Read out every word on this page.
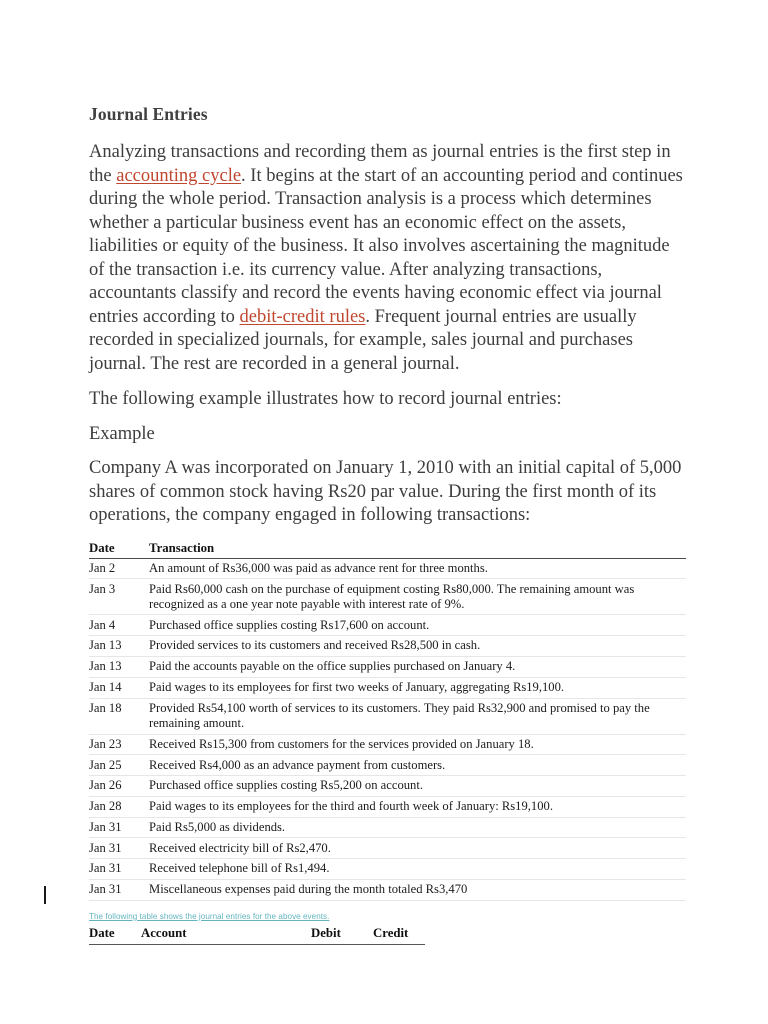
Journal Entries

Analyzing transactions and recording them as journal entries is the first step in the accounting cycle. It begins at the start of an accounting period and continues during the whole period. Transaction analysis is a process which determines whether a particular business event has an economic effect on the assets, liabilities or equity of the business. It also involves ascertaining the magnitude of the transaction i.e. its currency value. After analyzing transactions, accountants classify and record the events having economic effect via journal entries according to debit-credit rules. Frequent journal entries are usually recorded in specialized journals, for example, sales journal and purchases journal. The rest are recorded in a general journal.

The following example illustrates how to record journal entries:

Example

Company A was incorporated on January 1, 2010 with an initial capital of 5,000 shares of common stock having Rs20 par value. During the first month of its operations, the company engaged in following transactions:

Date	Transaction
Jan 2	An amount of Rs36,000 was paid as advance rent for three months.
Jan 3	Paid Rs60,000 cash on the purchase of equipment costing Rs80,000. The remaining amount was recognized as a one year note payable with interest rate of 9%.
Jan 4	Purchased office supplies costing Rs17,600 on account.
Jan 13	Provided services to its customers and received Rs28,500 in cash.
Jan 13	Paid the accounts payable on the office supplies purchased on January 4.
Jan 14	Paid wages to its employees for first two weeks of January, aggregating Rs19,100.
Jan 18	Provided Rs54,100 worth of services to its customers. They paid Rs32,900 and promised to pay the remaining amount.
Jan 23	Received Rs15,300 from customers for the services provided on January 18.
Jan 25	Received Rs4,000 as an advance payment from customers.
Jan 26	Purchased office supplies costing Rs5,200 on account.
Jan 28	Paid wages to its employees for the third and fourth week of January: Rs19,100.
Jan 31	Paid Rs5,000 as dividends.
Jan 31	Received electricity bill of Rs2,470.
Jan 31	Received telephone bill of Rs1,494.
Jan 31	Miscellaneous expenses paid during the month totaled Rs3,470
The following table shows the journal entries for the above events.
Date	Account	Debit	Credit
